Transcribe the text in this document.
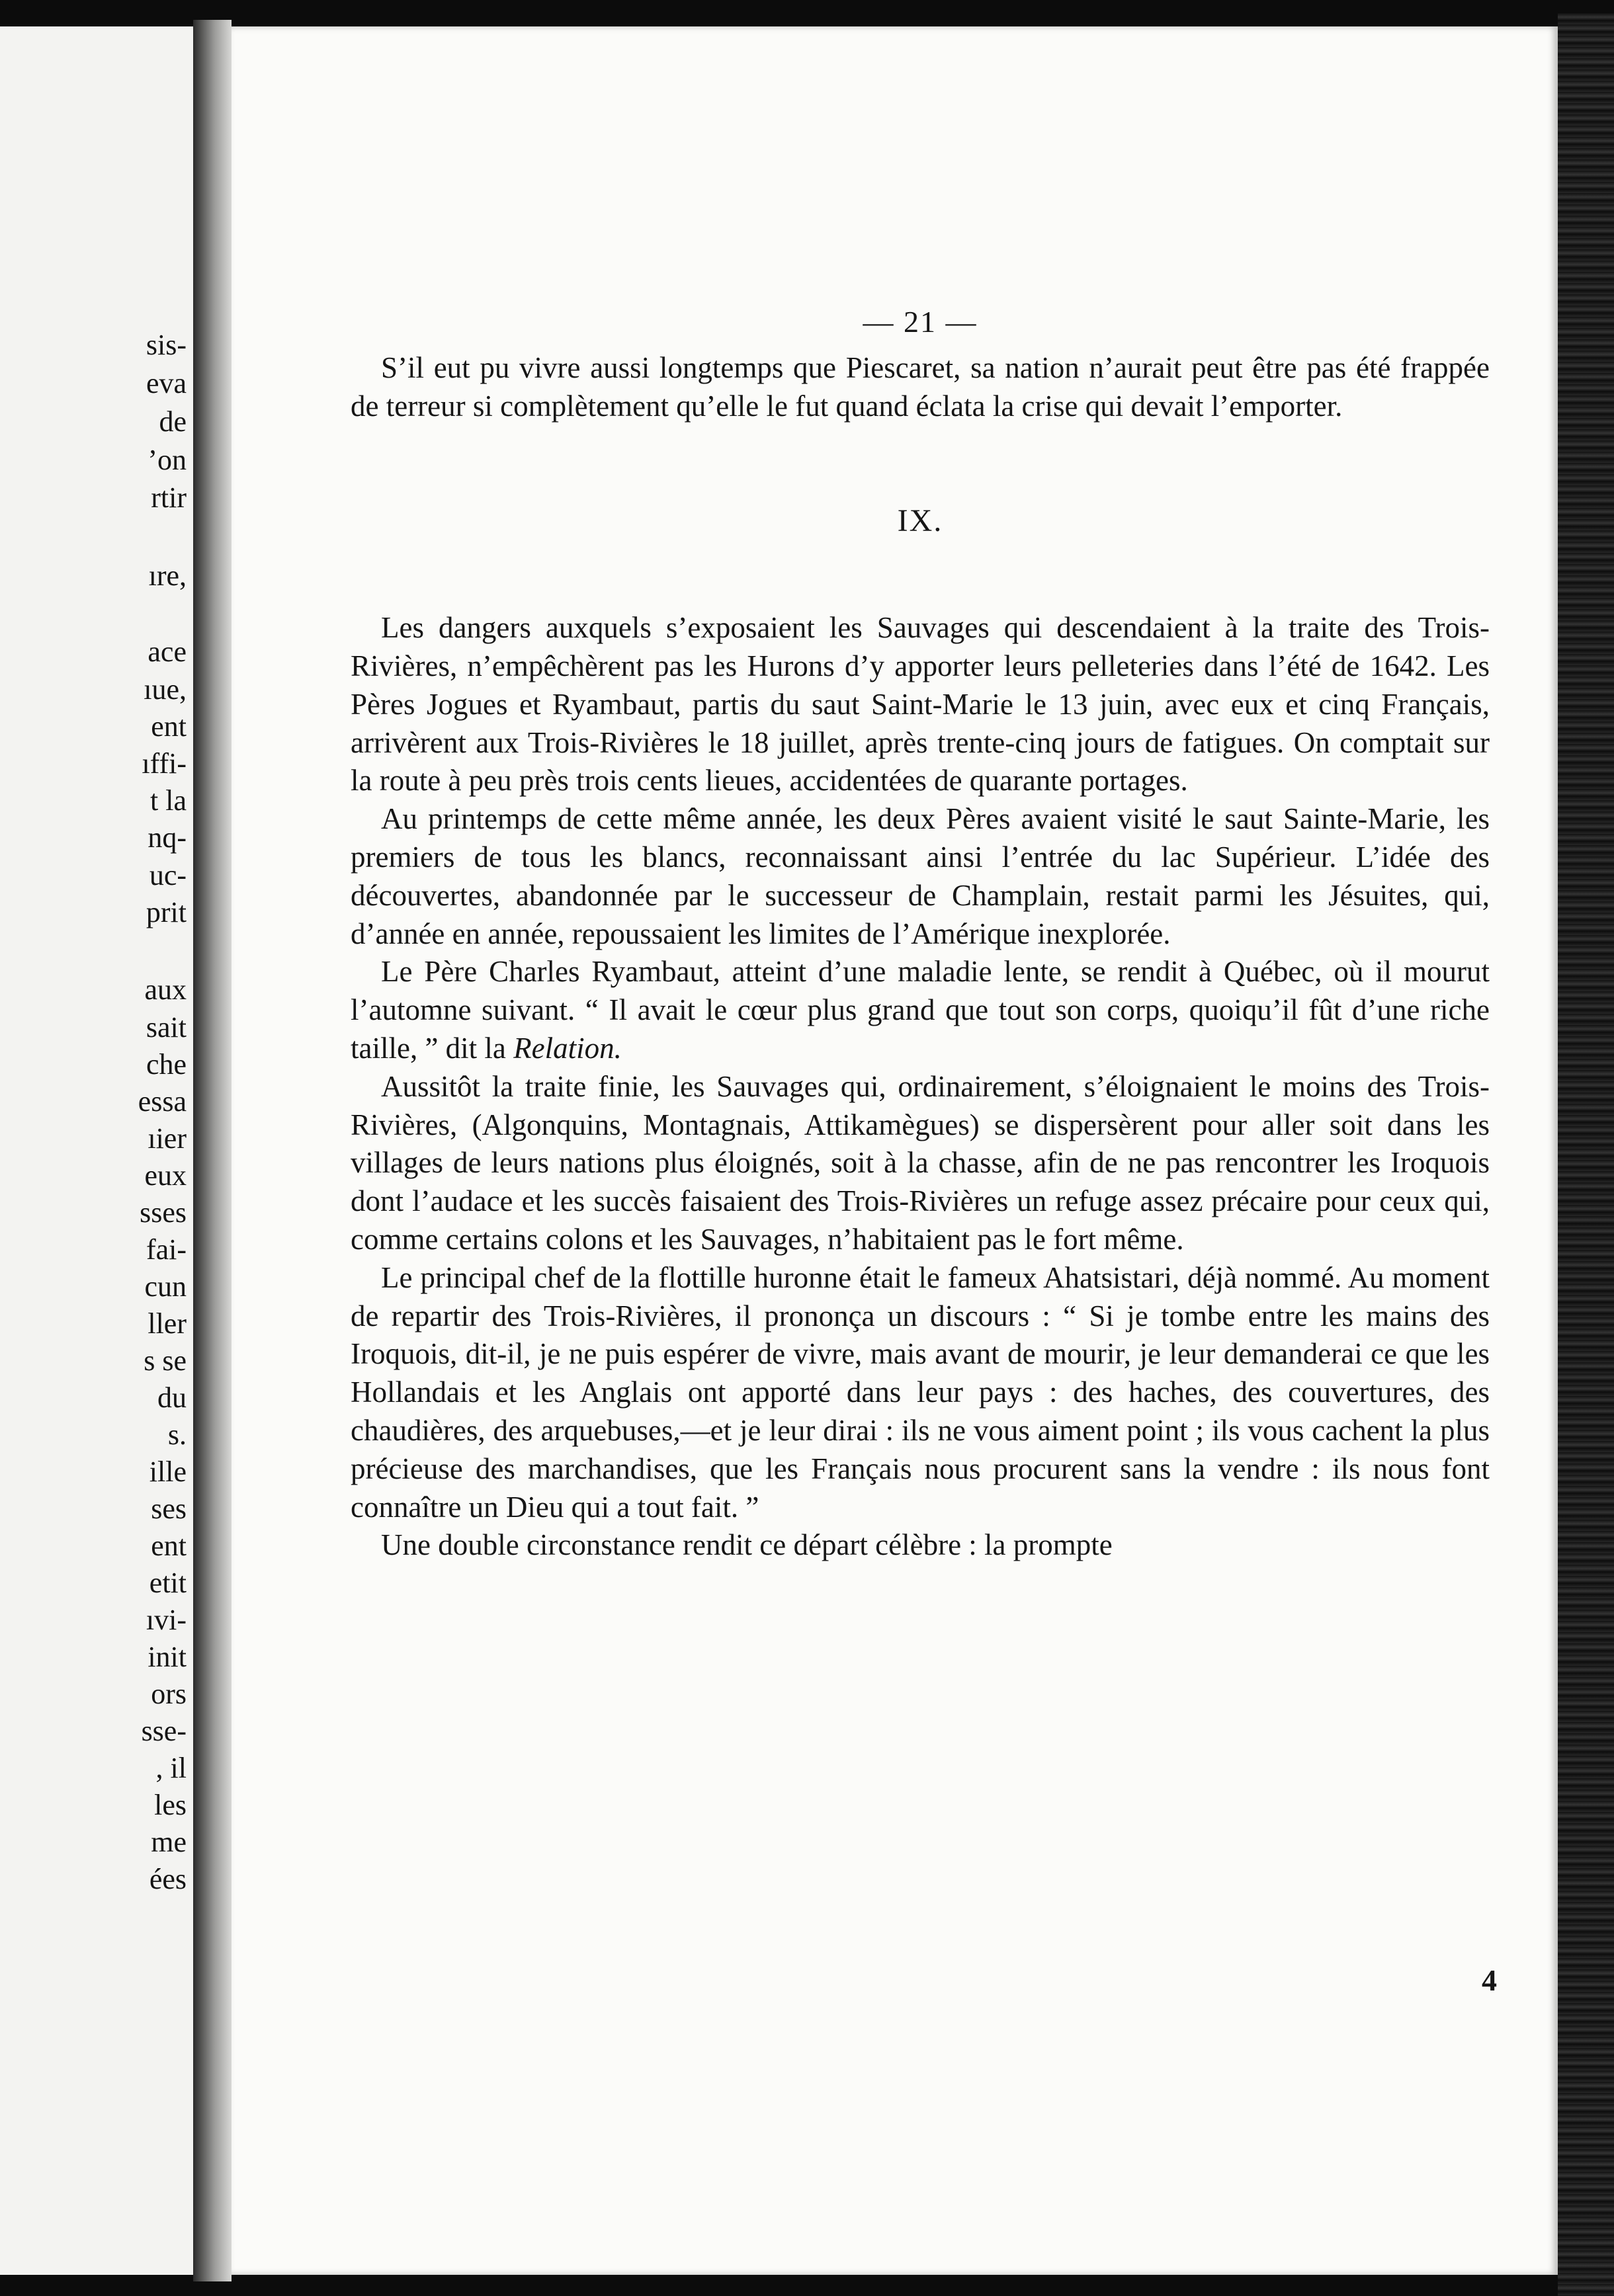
sis-

eva

de

’on

rtir

ıre,

ace

ıue,

ent

ıffi-

t la

nq-

uc-

prit

aux

sait

che

essa

ıier

eux

sses

fai-

cun

ller

s se

du

s.

ille

ses

ent

etit

ıvi-

init

ors

sse-

, il

les

me

ées

— 21 —

S’il eut pu vivre aussi longtemps que Piescaret, sa nation n’aurait peut être pas été frappée de terreur si complètement qu’elle le fut quand éclata la crise qui devait l’emporter.

IX.

Les dangers auxquels s’exposaient les Sauvages qui descendaient à la traite des Trois-Rivières, n’empêchèrent pas les Hurons d’y apporter leurs pelleteries dans l’été de 1642. Les Pères Jogues et Ryambaut, partis du saut Saint-Marie le 13 juin, avec eux et cinq Français, arrivèrent aux Trois-Rivières le 18 juillet, après trente-cinq jours de fatigues. On comptait sur la route à peu près trois cents lieues, accidentées de quarante portages.

Au printemps de cette même année, les deux Pères avaient visité le saut Sainte-Marie, les premiers de tous les blancs, reconnaissant ainsi l’entrée du lac Supérieur. L’idée des découvertes, abandonnée par le successeur de Champlain, restait parmi les Jésuites, qui, d’année en année, repoussaient les limites de l’Amérique inexplorée.

Le Père Charles Ryambaut, atteint d’une maladie lente, se rendit à Québec, où il mourut l’automne suivant. “ Il avait le cœur plus grand que tout son corps, quoiqu’il fût d’une riche taille, ” dit la Relation.

Aussitôt la traite finie, les Sauvages qui, ordinairement, s’éloignaient le moins des Trois-Rivières, (Algonquins, Montagnais, Attikamègues) se dispersèrent pour aller soit dans les villages de leurs nations plus éloignés, soit à la chasse, afin de ne pas rencontrer les Iroquois dont l’audace et les succès faisaient des Trois-Rivières un refuge assez précaire pour ceux qui, comme certains colons et les Sauvages, n’habitaient pas le fort même.

Le principal chef de la flottille huronne était le fameux Ahatsistari, déjà nommé. Au moment de repartir des Trois-Rivières, il prononça un discours : “ Si je tombe entre les mains des Iroquois, dit-il, je ne puis espérer de vivre, mais avant de mourir, je leur demanderai ce que les Hollandais et les Anglais ont apporté dans leur pays : des haches, des couvertures, des chaudières, des arquebuses,—et je leur dirai : ils ne vous aiment point ; ils vous cachent la plus précieuse des marchandises, que les Français nous procurent sans la vendre : ils nous font connaître un Dieu qui a tout fait. ”

Une double circonstance rendit ce départ célèbre : la prompte

4
